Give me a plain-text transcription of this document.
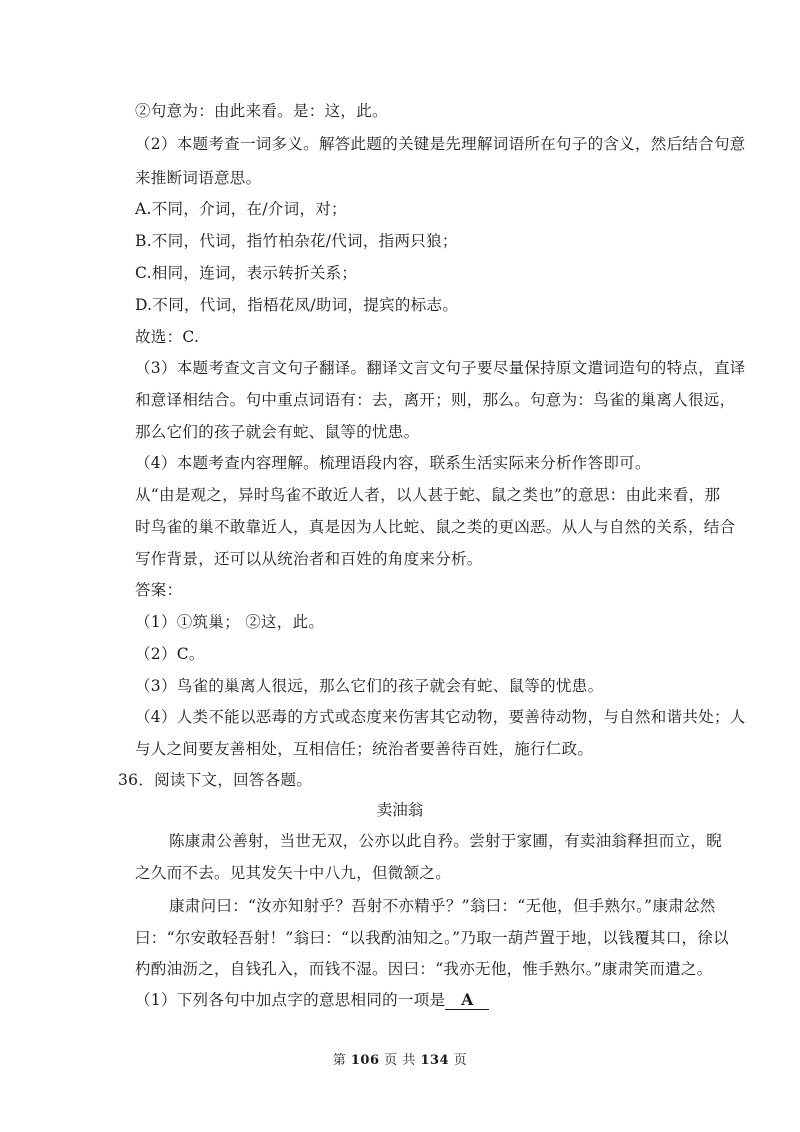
②句意为：由此来看。是：这，此。
（2）本题考查一词多义。解答此题的关键是先理解词语所在句子的含义，然后结合句意
来推断词语意思。
A.不同，介词，在/介词，对；
B.不同，代词，指竹柏杂花/代词，指两只狼；
C.相同，连词，表示转折关系；
D.不同，代词，指梧花凤/助词，提宾的标志。
故选：C.
（3）本题考查文言文句子翻译。翻译文言文句子要尽量保持原文遣词造句的特点，直译
和意译相结合。句中重点词语有：去，离开；则，那么。句意为：鸟雀的巢离人很远，
那么它们的孩子就会有蛇、鼠等的忧患。
（4）本题考查内容理解。梳理语段内容，联系生活实际来分析作答即可。
从“由是观之，异时鸟雀不敢近人者，以人甚于蛇、鼠之类也”的意思：由此来看，那
时鸟雀的巢不敢靠近人，真是因为人比蛇、鼠之类的更凶恶。从人与自然的关系，结合
写作背景，还可以从统治者和百姓的角度来分析。
答案：
（1）①筑巢； ②这，此。
（2）C。
（3）鸟雀的巢离人很远，那么它们的孩子就会有蛇、鼠等的忧患。
（4）人类不能以恶毒的方式或态度来伤害其它动物，要善待动物，与自然和谐共处；人
与人之间要友善相处，互相信任；统治者要善待百姓，施行仁政。
36．阅读下文，回答各题。
卖油翁
陈康肃公善射，当世无双，公亦以此自矜。尝射于家圃，有卖油翁释担而立，睨
之久而不去。见其发矢十中八九，但微颔之。
康肃问曰：“汝亦知射乎？吾射不亦精乎？”翁曰：“无他，但手熟尔。”康肃忿然
曰：“尔安敢轻吾射！”翁曰：“以我酌油知之。”乃取一葫芦置于地，以钱覆其口，徐以
杓酌油沥之，自钱孔入，而钱不湿。因曰：“我亦无他，惟手熟尔。”康肃笑而遣之。
（1）下列各句中加点字的意思相同的一项是 A
第 106 页 共 134 页
